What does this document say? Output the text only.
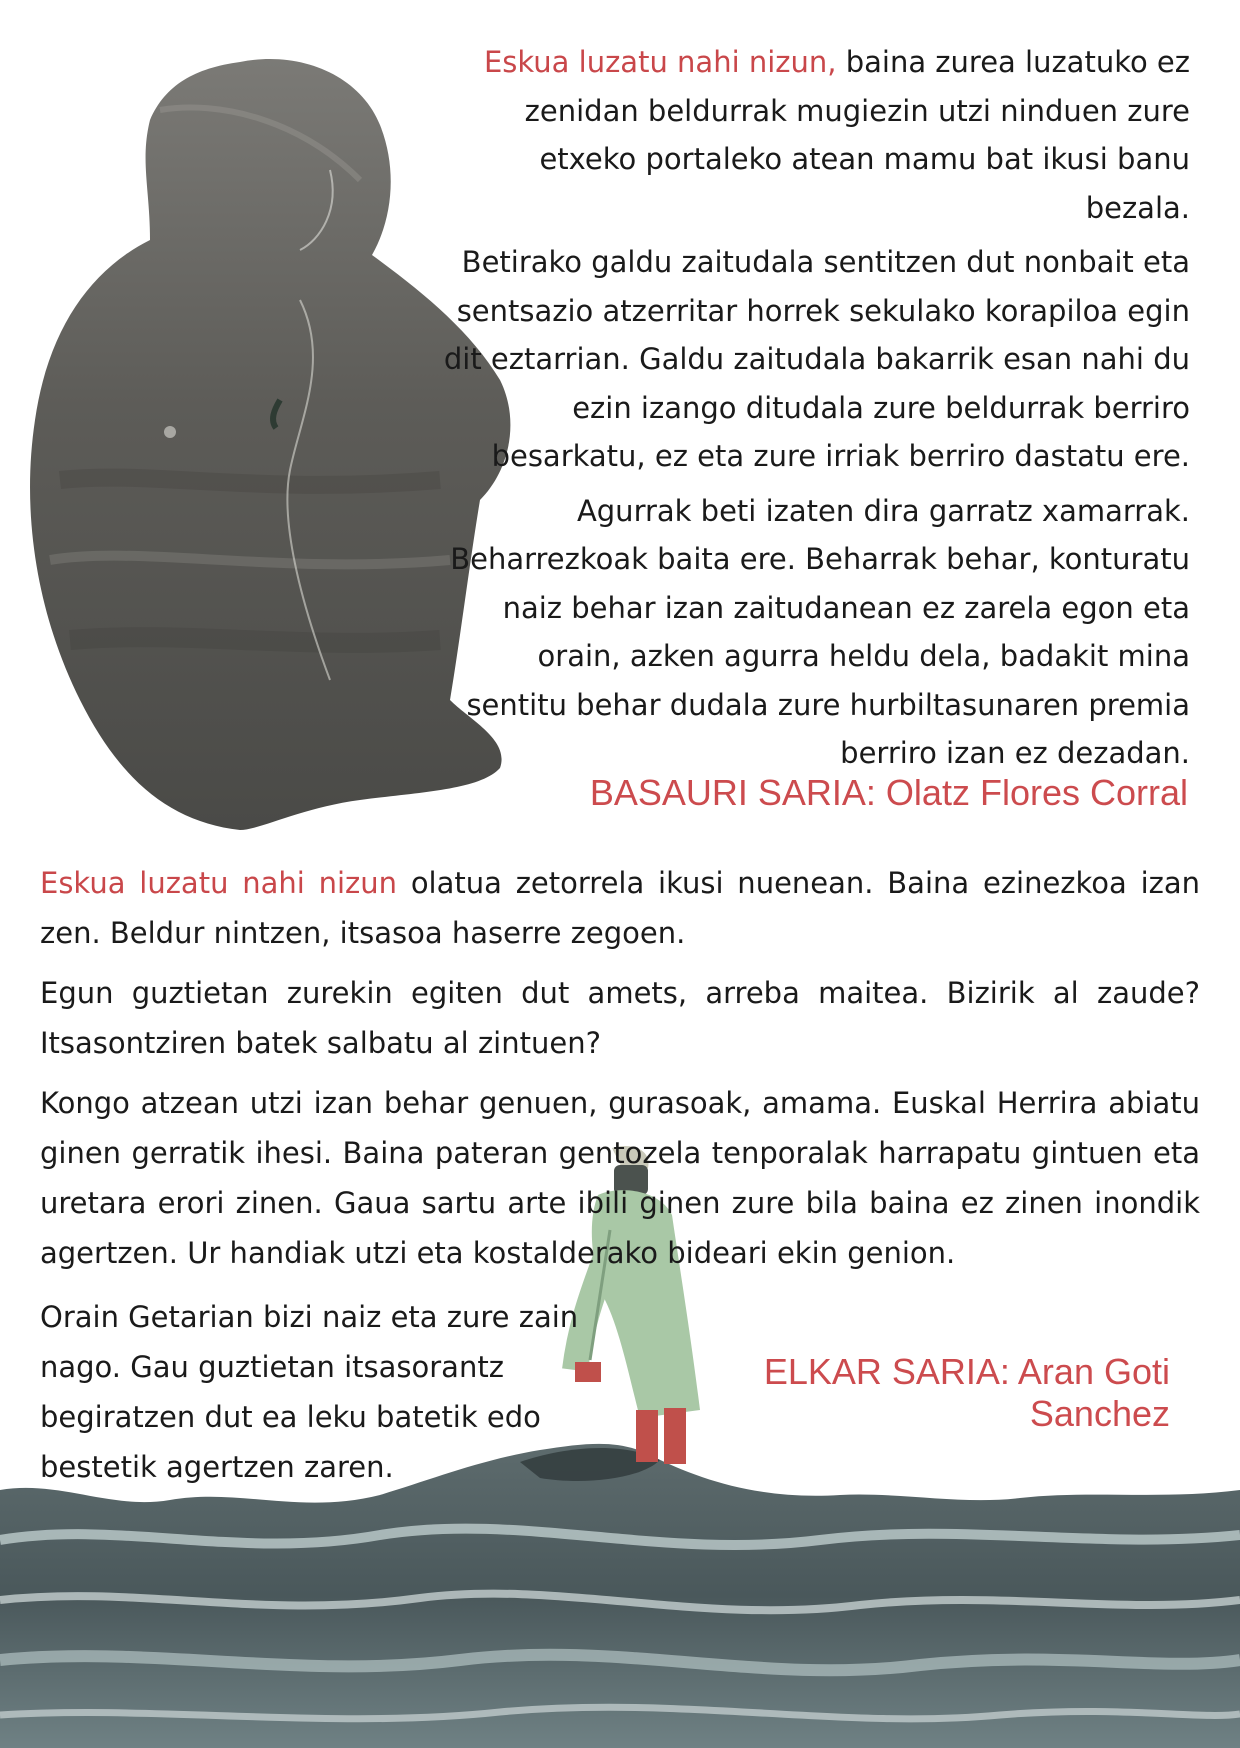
Eskua luzatu nahi nizun, baina zurea luzatuko ez zenidan beldurrak mugiezin utzi ninduen zure etxeko portaleko atean mamu bat ikusi banu bezala.

Betirako galdu zaitudala sentitzen dut nonbait eta sentsazio atzerritar horrek sekulako korapiloa egin dit eztarrian. Galdu zaitudala bakarrik esan nahi du ezin izango ditudala zure beldurrak berriro besarkatu, ez eta zure irriak berriro dastatu ere.

Agurrak beti izaten dira garratz xamarrak. Beharrezkoak baita ere. Beharrak behar, konturatu naiz behar izan zaitudanean ez zarela egon eta orain, azken agurra heldu dela, badakit mina sentitu behar dudala zure hurbiltasunaren premia berriro izan ez dezadan.

BASAURI SARIA: Olatz Flores Corral

Eskua luzatu nahi nizun olatua zetorrela ikusi nuenean. Baina ezinezkoa izan zen. Beldur nintzen, itsasoa haserre zegoen.

Egun guztietan zurekin egiten dut amets, arreba maitea. Bizirik al zaude? Itsasontziren batek salbatu al zintuen?

Kongo atzean utzi izan behar genuen, gurasoak, amama. Euskal Herrira abiatu ginen gerratik ihesi. Baina pateran gentozela tenporalak harrapatu gintuen eta uretara erori zinen. Gaua sartu arte ibili ginen zure bila baina ez zinen inondik agertzen. Ur handiak utzi eta kostalderako bideari ekin genion.

Orain Getarian bizi naiz eta zure zain nago. Gau guztietan itsasorantz begiratzen dut ea leku batetik edo bestetik agertzen zaren.

ELKAR SARIA: Aran Goti Sanchez
